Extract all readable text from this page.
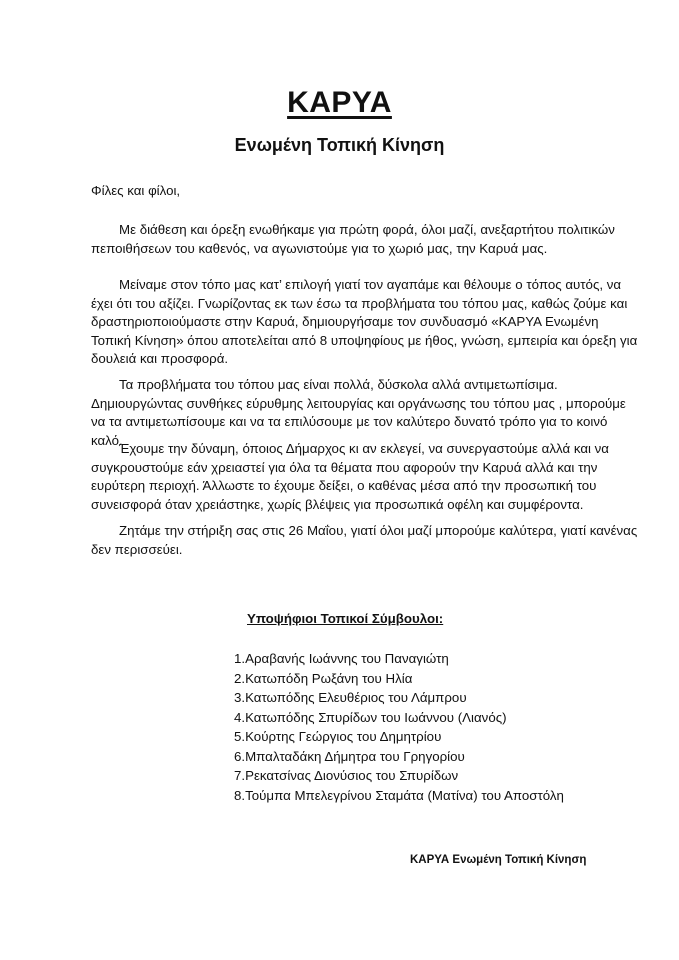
ΚΑΡΥΑ
Ενωμένη Τοπική Κίνηση
Φίλες και φίλοι,
Με διάθεση και όρεξη ενωθήκαμε για πρώτη φορά, όλοι μαζί, ανεξαρτήτου πολιτικών πεποιθήσεων του καθενός, να αγωνιστούμε για το χωριό μας, την Καρυά μας.
Μείναμε στον τόπο μας κατ’ επιλογή γιατί τον αγαπάμε και θέλουμε ο τόπος αυτός, να έχει ότι του αξίζει. Γνωρίζοντας εκ των έσω τα προβλήματα του τόπου μας, καθώς ζούμε και δραστηριοποιούμαστε στην Καρυά, δημιουργήσαμε τον συνδυασμό «ΚΑΡΥΑ Ενωμένη Τοπική Κίνηση» όπου αποτελείται από 8 υποψηφίους με ήθος, γνώση, εμπειρία και όρεξη για δουλειά και προσφορά.
Τα προβλήματα του τόπου μας είναι πολλά, δύσκολα αλλά αντιμετωπίσιμα. Δημιουργώντας συνθήκες εύρυθμης λειτουργίας και οργάνωσης του τόπου μας , μπορούμε να τα αντιμετωπίσουμε και να τα επιλύσουμε με τον καλύτερο δυνατό τρόπο για το κοινό καλό.
Έχουμε την δύναμη, όποιος Δήμαρχος κι αν εκλεγεί, να συνεργαστούμε αλλά και να συγκρουστούμε εάν χρειαστεί για όλα τα θέματα που αφορούν την Καρυά αλλά και την ευρύτερη περιοχή. Άλλωστε το έχουμε δείξει, ο καθένας μέσα από την προσωπική του συνεισφορά όταν χρειάστηκε, χωρίς βλέψεις για προσωπικά οφέλη και συμφέροντα.
Ζητάμε την στήριξη σας στις 26 Μαΐου, γιατί όλοι μαζί μπορούμε καλύτερα, γιατί κανένας δεν περισσεύει.
Υποψήφιοι Τοπικοί Σύμβουλοι:
1.Αραβανής Ιωάννης του Παναγιώτη
2.Κατωπόδη Ρωξάνη του Ηλία
3.Κατωπόδης Ελευθέριος του Λάμπρου
4.Κατωπόδης Σπυρίδων του Ιωάννου (Λιανός)
5.Κούρτης Γεώργιος του Δημητρίου
6.Μπαλταδάκη Δήμητρα του Γρηγορίου
7.Ρεκατσίνας Διονύσιος του Σπυρίδων
8.Τούμπα Μπελεγρίνου Σταμάτα (Ματίνα) του Αποστόλη
ΚΑΡΥΑ Ενωμένη Τοπική Κίνηση
